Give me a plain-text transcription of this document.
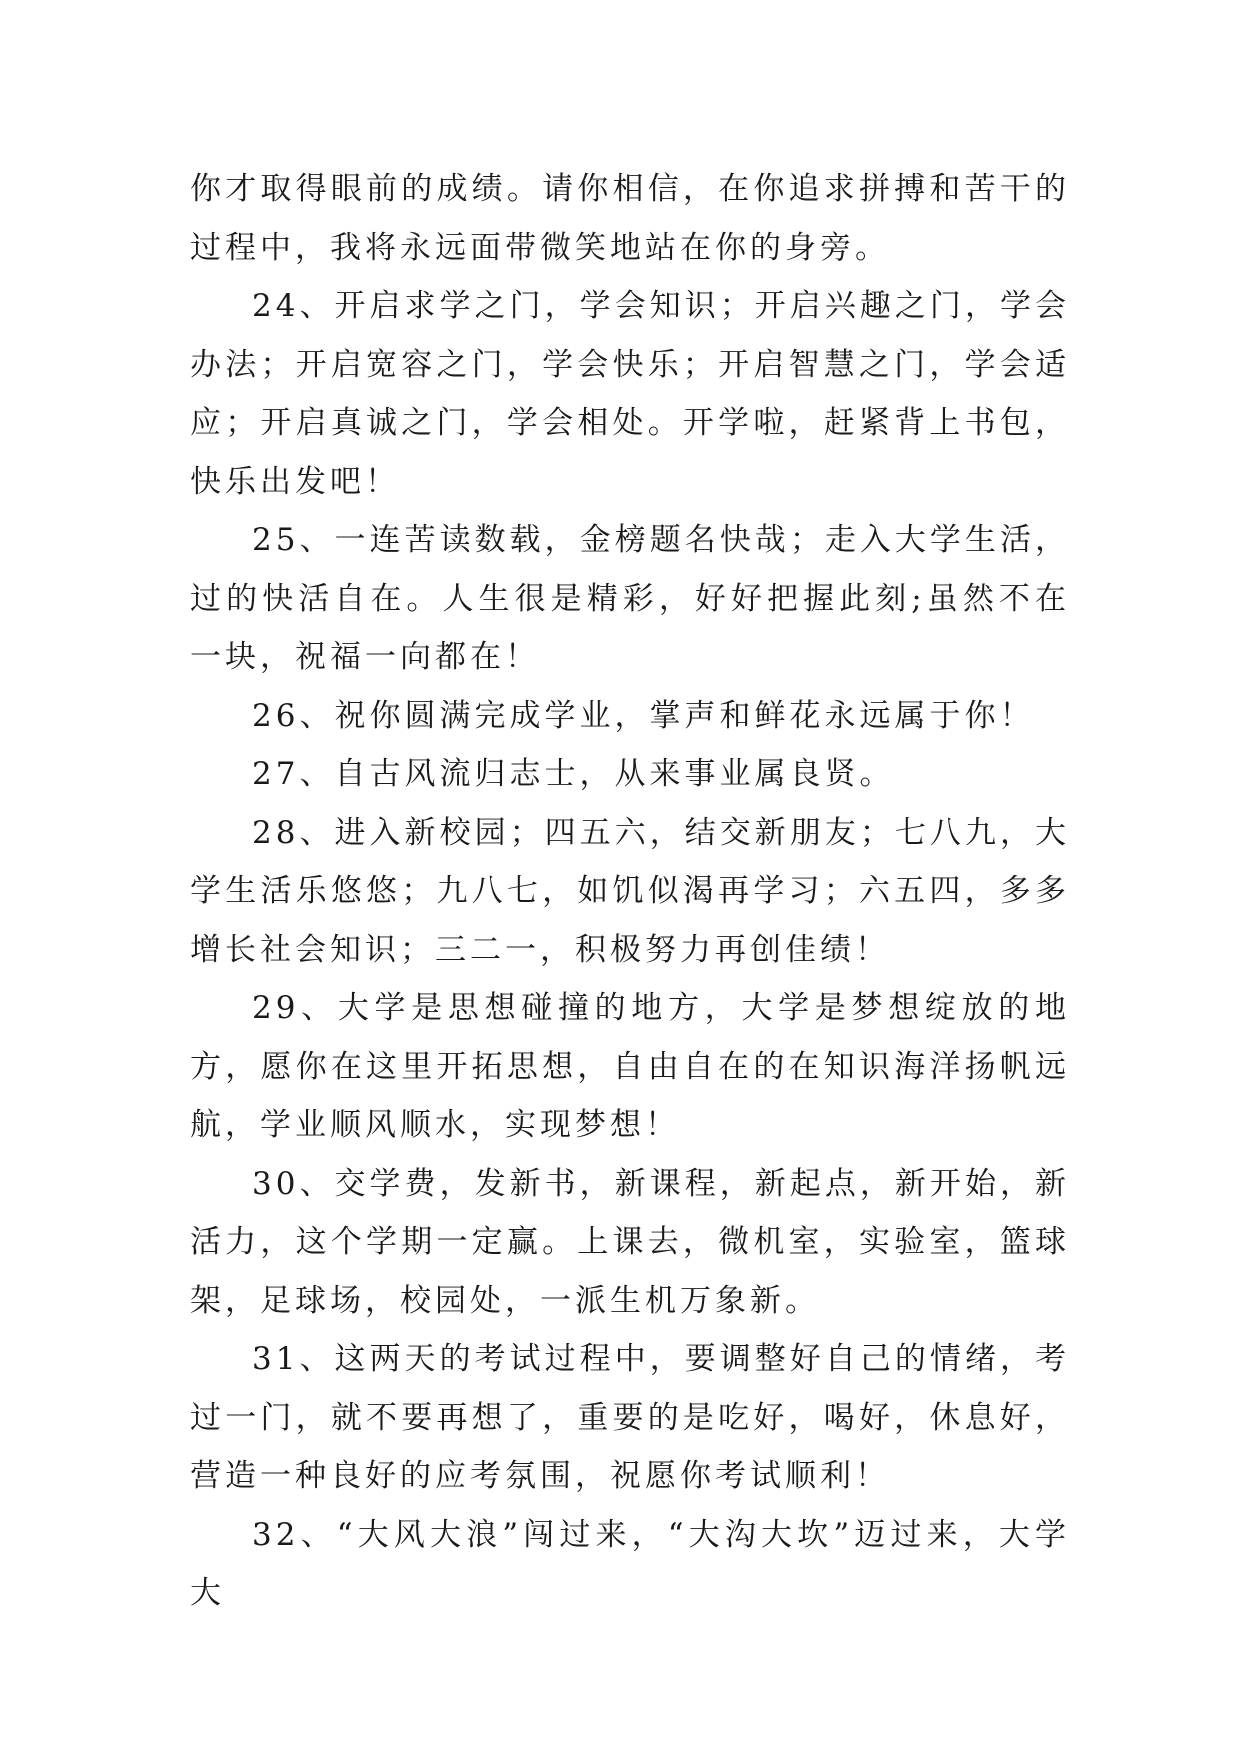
你才取得眼前的成绩。请你相信，在你追求拼搏和苦干的过程中，我将永远面带微笑地站在你的身旁。

24、开启求学之门，学会知识；开启兴趣之门，学会办法；开启宽容之门，学会快乐；开启智慧之门，学会适应；开启真诚之门，学会相处。开学啦，赶紧背上书包，快乐出发吧！

25、一连苦读数载，金榜题名快哉；走入大学生活，过的快活自在。人生很是精彩，好好把握此刻;虽然不在一块，祝福一向都在！

26、祝你圆满完成学业，掌声和鲜花永远属于你！

27、自古风流归志士，从来事业属良贤。

28、进入新校园；四五六，结交新朋友；七八九，大学生活乐悠悠；九八七，如饥似渴再学习；六五四，多多增长社会知识；三二一，积极努力再创佳绩！

29、大学是思想碰撞的地方，大学是梦想绽放的地方，愿你在这里开拓思想，自由自在的在知识海洋扬帆远航，学业顺风顺水，实现梦想！

30、交学费，发新书，新课程，新起点，新开始，新活力，这个学期一定赢。上课去，微机室，实验室，篮球架，足球场，校园处，一派生机万象新。

31、这两天的考试过程中，要调整好自己的情绪，考过一门，就不要再想了，重要的是吃好，喝好，休息好，营造一种良好的应考氛围，祝愿你考试顺利！

32、“大风大浪”闯过来，“大沟大坎”迈过来，大学大
